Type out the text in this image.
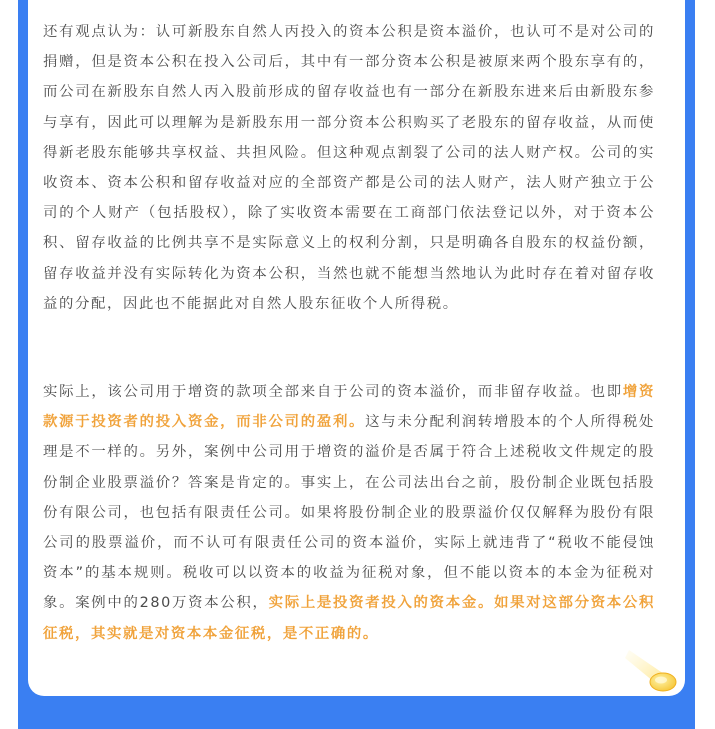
还有观点认为：认可新股东自然人丙投入的资本公积是资本溢价，也认可不是对公司的捐赠，但是资本公积在投入公司后，其中有一部分资本公积是被原来两个股东享有的，而公司在新股东自然人丙入股前形成的留存收益也有一部分在新股东进来后由新股东参与享有，因此可以理解为是新股东用一部分资本公积购买了老股东的留存收益，从而使得新老股东能够共享权益、共担风险。但这种观点割裂了公司的法人财产权。公司的实收资本、资本公积和留存收益对应的全部资产都是公司的法人财产，法人财产独立于公司的个人财产（包括股权），除了实收资本需要在工商部门依法登记以外，对于资本公积、留存收益的比例共享不是实际意义上的权利分割，只是明确各自股东的权益份额，留存收益并没有实际转化为资本公积，当然也就不能想当然地认为此时存在着对留存收益的分配，因此也不能据此对自然人股东征收个人所得税。

实际上，该公司用于增资的款项全部来自于公司的资本溢价，而非留存收益。也即增资款源于投资者的投入资金，而非公司的盈利。这与未分配利润转增股本的个人所得税处理是不一样的。另外，案例中公司用于增资的溢价是否属于符合上述税收文件规定的股份制企业股票溢价？答案是肯定的。事实上，在公司法出台之前，股份制企业既包括股份有限公司，也包括有限责任公司。如果将股份制企业的股票溢价仅仅解释为股份有限公司的股票溢价，而不认可有限责任公司的资本溢价，实际上就违背了“税收不能侵蚀资本”的基本规则。税收可以以资本的收益为征税对象，但不能以资本的本金为征税对象。案例中的280万资本公积，实际上是投资者投入的资本金。如果对这部分资本公积征税，其实就是对资本本金征税，是不正确的。
